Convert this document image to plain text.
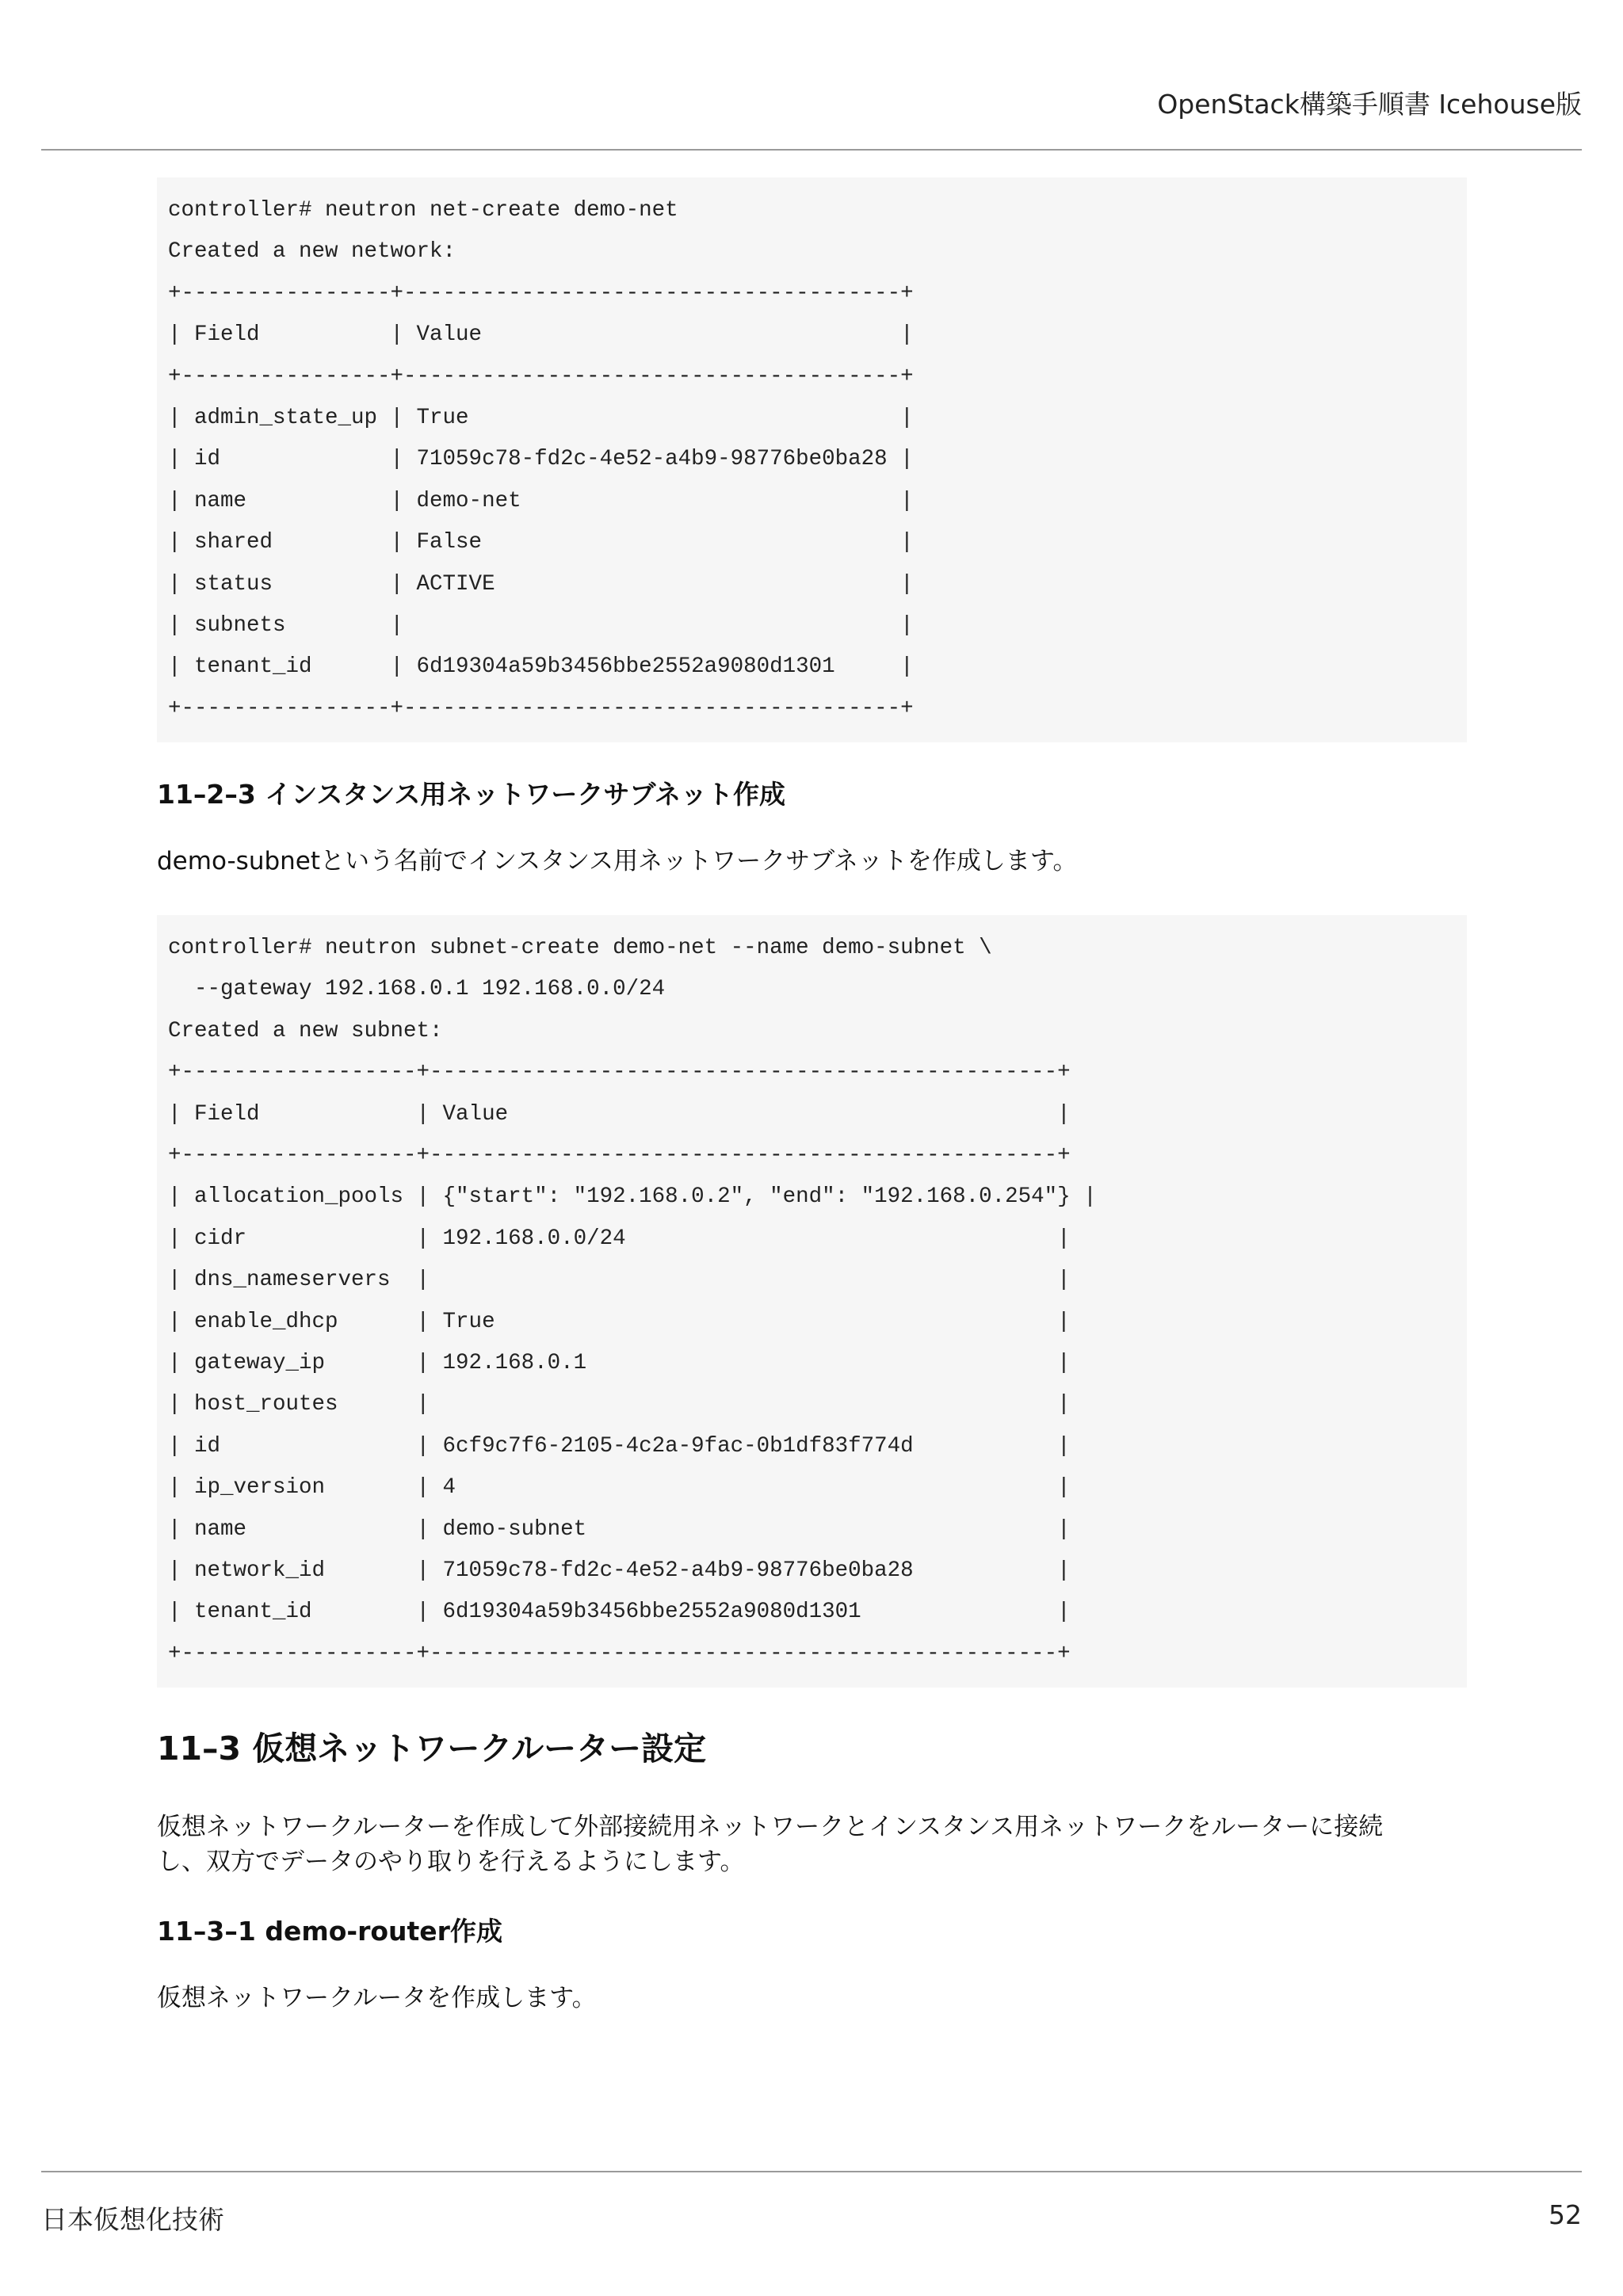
OpenStack構築手順書 Icehouse版
controller# neutron net-create demo-net
Created a new network:
+----------------+--------------------------------------+
| Field          | Value                                |
+----------------+--------------------------------------+
| admin_state_up | True                                 |
| id             | 71059c78-fd2c-4e52-a4b9-98776be0ba28 |
| name           | demo-net                             |
| shared         | False                                |
| status         | ACTIVE                               |
| subnets        |                                      |
| tenant_id      | 6d19304a59b3456bbe2552a9080d1301     |
+----------------+--------------------------------------+
11–2–3 インスタンス用ネットワークサブネット作成
demo-subnetという名前でインスタンス用ネットワークサブネットを作成します。
controller# neutron subnet-create demo-net --name demo-subnet \
--gateway 192.168.0.1 192.168.0.0/24
Created a new subnet:
+------------------+------------------------------------------------+
| Field            | Value                                          |
+------------------+------------------------------------------------+
| allocation_pools | {"start": "192.168.0.2", "end": "192.168.0.254"} |
| cidr             | 192.168.0.0/24                                 |
| dns_nameservers  |                                                |
| enable_dhcp      | True                                           |
| gateway_ip       | 192.168.0.1                                    |
| host_routes      |                                                |
| id               | 6cf9c7f6-2105-4c2a-9fac-0b1df83f774d           |
| ip_version       | 4                                              |
| name             | demo-subnet                                    |
| network_id       | 71059c78-fd2c-4e52-a4b9-98776be0ba28           |
| tenant_id        | 6d19304a59b3456bbe2552a9080d1301               |
+------------------+------------------------------------------------+
11–3 仮想ネットワークルーター設定
仮想ネットワークルーターを作成して外部接続用ネットワークとインスタンス用ネットワークをルーターに接続
し、双方でデータのやり取りを行えるようにします。
11–3–1 demo-router作成
仮想ネットワークルータを作成します。
日本仮想化技術	52
